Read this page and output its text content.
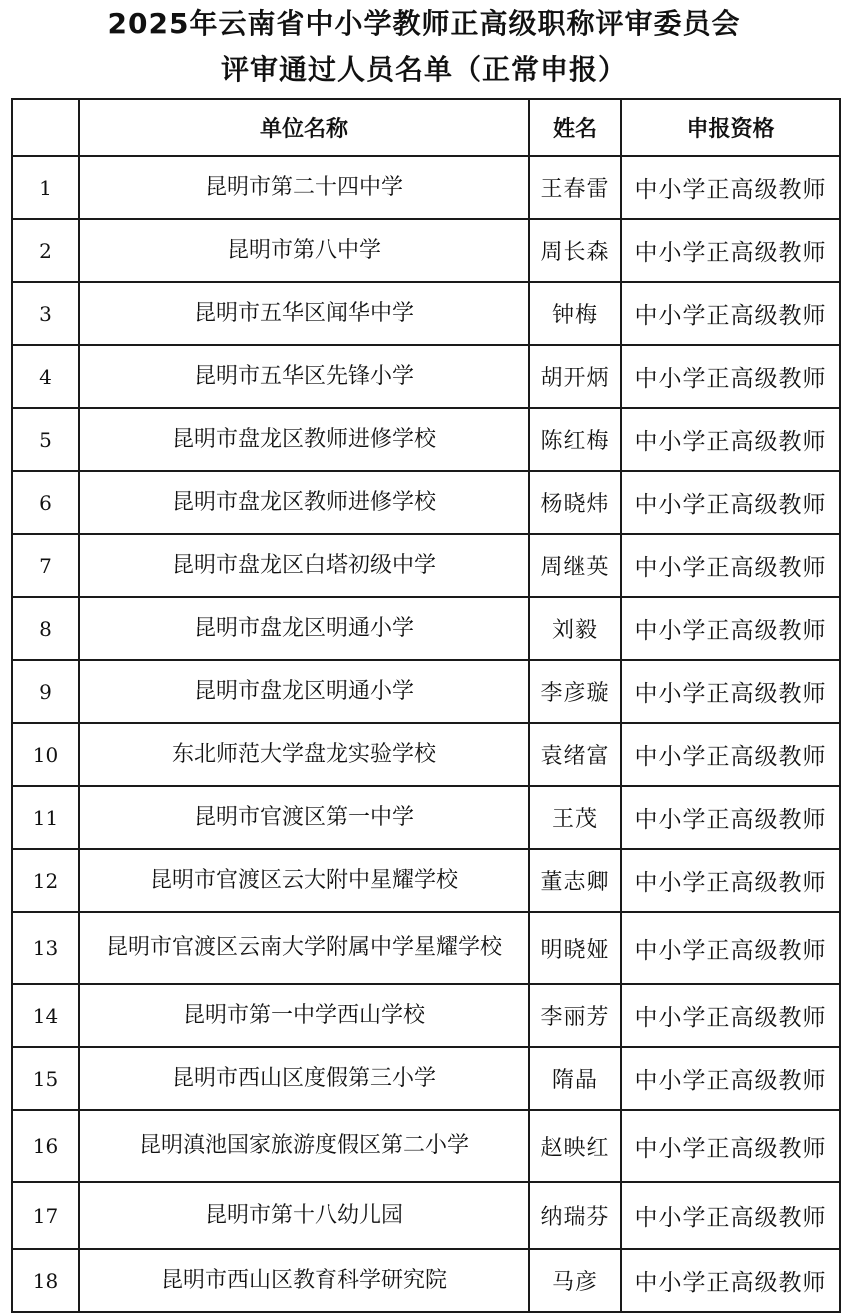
2025年云南省中小学教师正高级职称评审委员会
评审通过人员名单（正常申报）
	单位名称	姓名	申报资格
1	昆明市第二十四中学	王春雷	中小学正高级教师
2	昆明市第八中学	周长森	中小学正高级教师
3	昆明市五华区闻华中学	钟梅	中小学正高级教师
4	昆明市五华区先锋小学	胡开炳	中小学正高级教师
5	昆明市盘龙区教师进修学校	陈红梅	中小学正高级教师
6	昆明市盘龙区教师进修学校	杨晓炜	中小学正高级教师
7	昆明市盘龙区白塔初级中学	周继英	中小学正高级教师
8	昆明市盘龙区明通小学	刘毅	中小学正高级教师
9	昆明市盘龙区明通小学	李彦璇	中小学正高级教师
10	东北师范大学盘龙实验学校	袁绪富	中小学正高级教师
11	昆明市官渡区第一中学	王茂	中小学正高级教师
12	昆明市官渡区云大附中星耀学校	董志卿	中小学正高级教师
13	昆明市官渡区云南大学附属中学星耀学校	明晓娅	中小学正高级教师
14	昆明市第一中学西山学校	李丽芳	中小学正高级教师
15	昆明市西山区度假第三小学	隋晶	中小学正高级教师
16	昆明滇池国家旅游度假区第二小学	赵映红	中小学正高级教师
17	昆明市第十八幼儿园	纳瑞芬	中小学正高级教师
18	昆明市西山区教育科学研究院	马彦	中小学正高级教师
